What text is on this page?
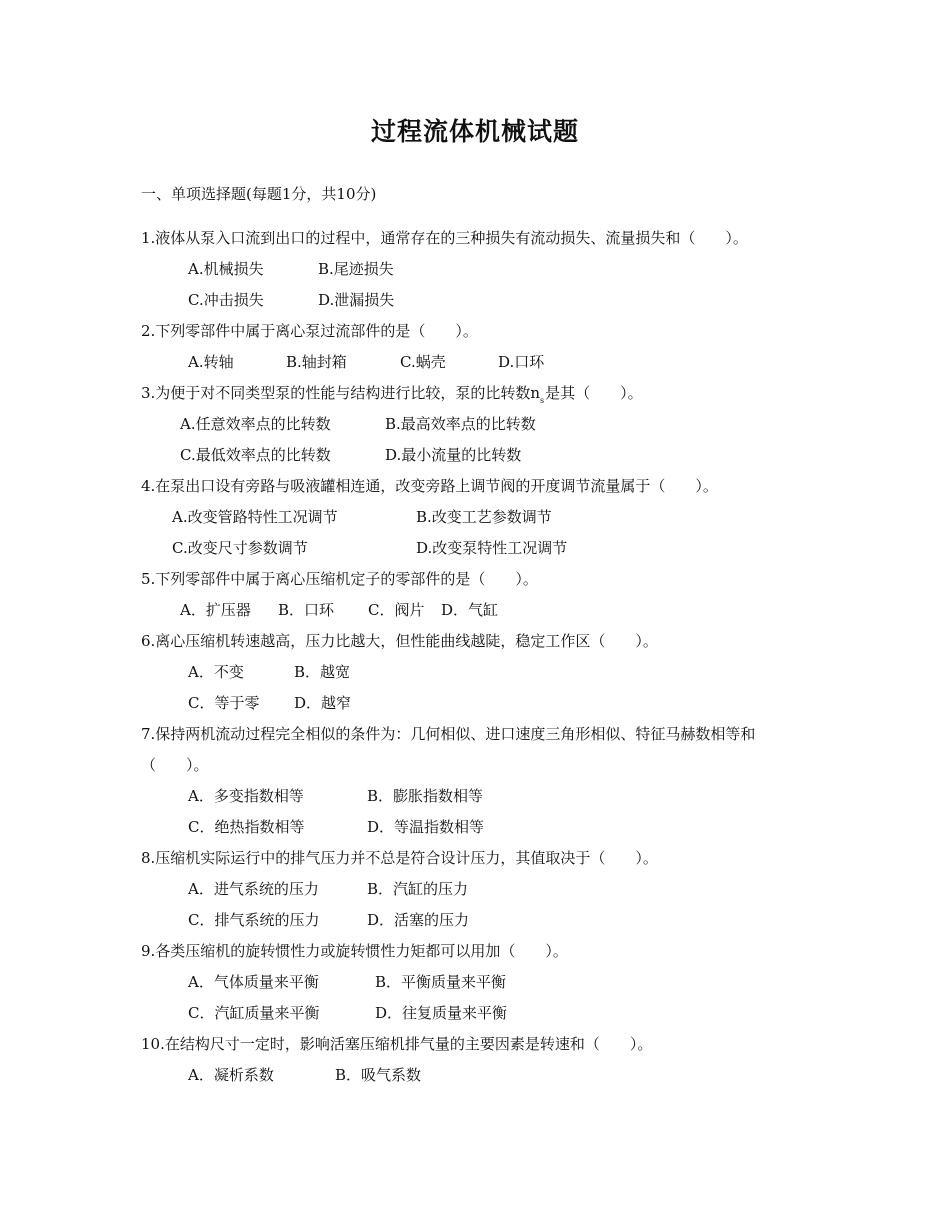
过程流体机械试题
一、单项选择题(每题1分，共10分)
1.液体从泵入口流到出口的过程中，通常存在的三种损失有流动损失、流量损失和（　　）。
A.机械损失	B.尾迹损失
C.冲击损失	D.泄漏损失
2.下列零部件中属于离心泵过流部件的是（　　）。
A.转轴	B.轴封箱	C.蜗壳	D.口环
3.为便于对不同类型泵的性能与结构进行比较，泵的比转数$n_s$是其（　　）。
A.任意效率点的比转数	B.最高效率点的比转数
C.最低效率点的比转数	D.最小流量的比转数
4.在泵出口设有旁路与吸液罐相连通，改变旁路上调节阀的开度调节流量属于（　　）。
A.改变管路特性工况调节	B.改变工艺参数调节
C.改变尺寸参数调节	D.改变泵特性工况调节
5.下列零部件中属于离心压缩机定子的零部件的是（　　）。
A．扩压器 B．口环 C．阀片 D．气缸
6.离心压缩机转速越高，压力比越大，但性能曲线越陡，稳定工作区（　　）。
A．不变	B．越宽
C．等于零 D．越窄
7.保持两机流动过程完全相似的条件为：几何相似、进口速度三角形相似、特征马赫数相等和
（　　）。
A．多变指数相等	B．膨胀指数相等
C．绝热指数相等	D．等温指数相等
8.压缩机实际运行中的排气压力并不总是符合设计压力，其值取决于（　　）。
A．进气系统的压力	B．汽缸的压力
C．排气系统的压力	D．活塞的压力
9.各类压缩机的旋转惯性力或旋转惯性力矩都可以用加（　　）。
A．气体质量来平衡	B．平衡质量来平衡
C．汽缸质量来平衡	D．往复质量来平衡
10.在结构尺寸一定时，影响活塞压缩机排气量的主要因素是转速和（　　）。
A．凝析系数	B．吸气系数
